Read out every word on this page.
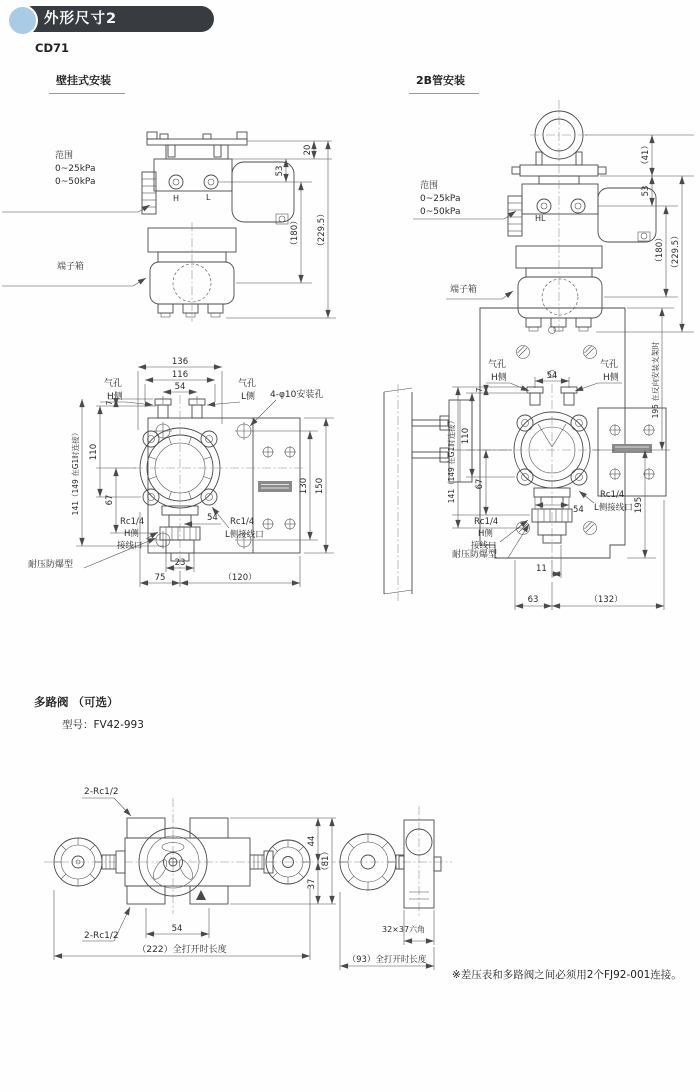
外形尺寸2
CD71
壁挂式安装	2B管安装
多路阀 （可选）
型号：FV42-993
※差压表和多路阀之间必须用2个FJ92-001连接。
H	L
范围
0~25kPa
0~50kPa
端子箱
20
53
（180） （229.5）	HL
范围
0~25kPa
0~50kPa
端子箱
（41）
53
（180） （229.5）
136
116
54
气孔
H侧
气孔
L侧 4-φ10安装孔
130 150
7
110
67
141（149 在G1时连接）
Rc1/4
H侧
接线口
Rc1/4
L侧接线口
54
23
75	（120）
耐压防爆型
54
气孔
H侧
气孔
H侧
7
110
67
141（149 在G1时连接）
Rc1/4
H侧
接线口
Rc1/4
L侧接线口
54
耐压防爆型
11
63	（132）
195
195 在反向安装支架时
2-Rc1/2
2-Rc1/2
44
37
（81）
54
（222）全打开时长度
32×37六角
（93）全打开时长度
